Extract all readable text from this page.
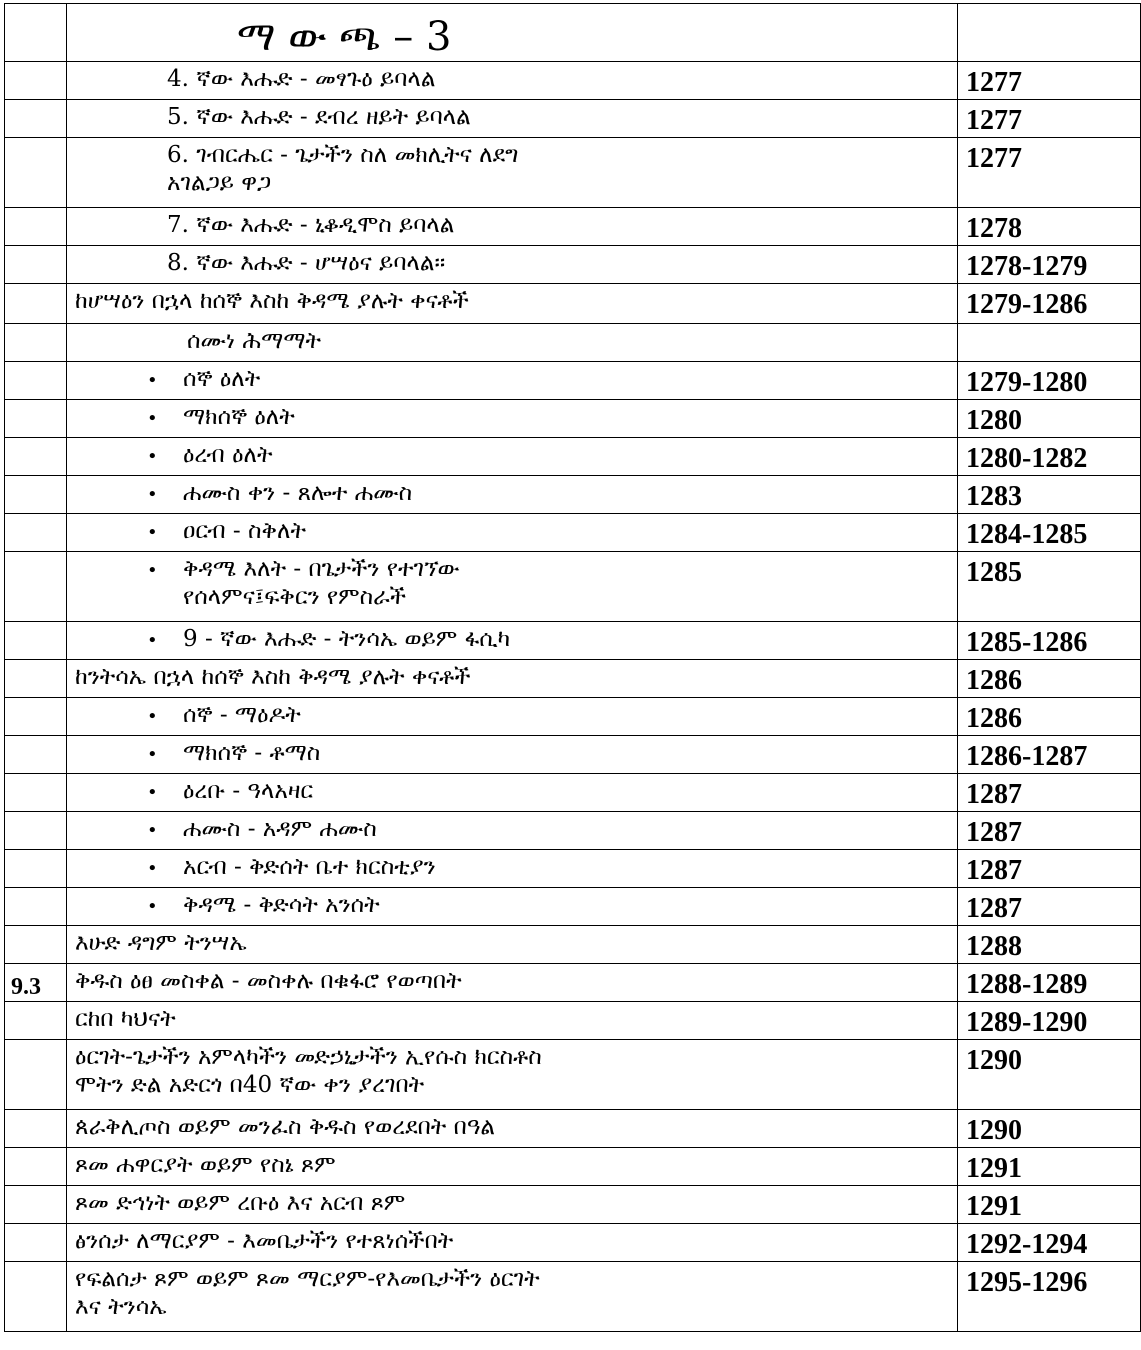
	ማ ው ጫ – 3	

	4. ኛው እሑድ - መፃጉዕ ይባላል	1277

	5. ኛው እሑድ - ደብረ ዘይት ይባላል	1277

	6. ገብርሔር - ጌታችን ስለ መክሊትና ለደግ
አገልጋይ ዋጋ	1277

	7. ኛው እሑድ - ኒቆዲሞስ ይባላል	1278

	8. ኛው እሑድ - ሆሣዕና ይባላል።	1278-1279

	ከሆሣዕን በኋላ ከሰኞ እስከ ቅዳሜ ያሉት ቀናቶች	1279-1286

	ሰሙነ ሕማማት	

	• ሰኞ ዕለት	1279-1280

	• ማክሰኞ ዕለት	1280

	• ዕረብ ዕለት	1280-1282

	• ሐሙስ ቀን - ጸሎተ ሐሙስ	1283

	• ዐርብ - ስቅለት	1284-1285

	• ቅዳሜ እለት - በጌታችን የተገኘው
የሰላምና፤ፍቅርን የምስራች	1285

	• 9 - ኛው እሑድ - ትንሳኤ ወይም ፋሲካ	1285-1286

	ከንትሳኤ በኋላ ከሰኞ እስከ ቅዳሜ ያሉት ቀናቶች	1286

	•ሰኞ - ማዕዶት	1286

	• ማክሰኞ - ቶማስ	1286-1287

	• ዕረቡ - ዓላአዛር	1287

	• ሐሙስ - አዳም ሐሙስ	1287

	• አርብ - ቅድሰት ቤተ ክርስቲያን	1287

	• ቅዳሜ - ቅድሳት አንሰት	1287

	እሁድ ዳግም ትንሣኤ	1288

9.3	ቅዱስ ዕፀ መስቀል - መስቀሉ በቁፋሮ የወጣበት	1288-1289

	ርከበ ካህናት	1289-1290

	ዕርገት-ጌታችን አምላካችን መድኃኒታችን ኢየሱስ ክርስቶስ
ሞትን ድል አድርጎ በ40 ኛው ቀን ያረገበት	1290

	ጰራቅሊጦስ ወይም መንፈስ ቅዱስ የወረደበት በዓል	1290

	ጾመ ሐዋርያት ወይም የስኔ ጾም	1291

	ጾመ ድኅነት ወይም ረቡዕ እና አርብ ጾም	1291

	ፅንሰታ ለማርያም - እመቤታችን የተጸነሰችበት	1292-1294

	የፍልሰታ ጾም ወይም ጾመ ማርያም-የእመቤታችን ዕርገት
እና ትንሳኤ	1295-1296
